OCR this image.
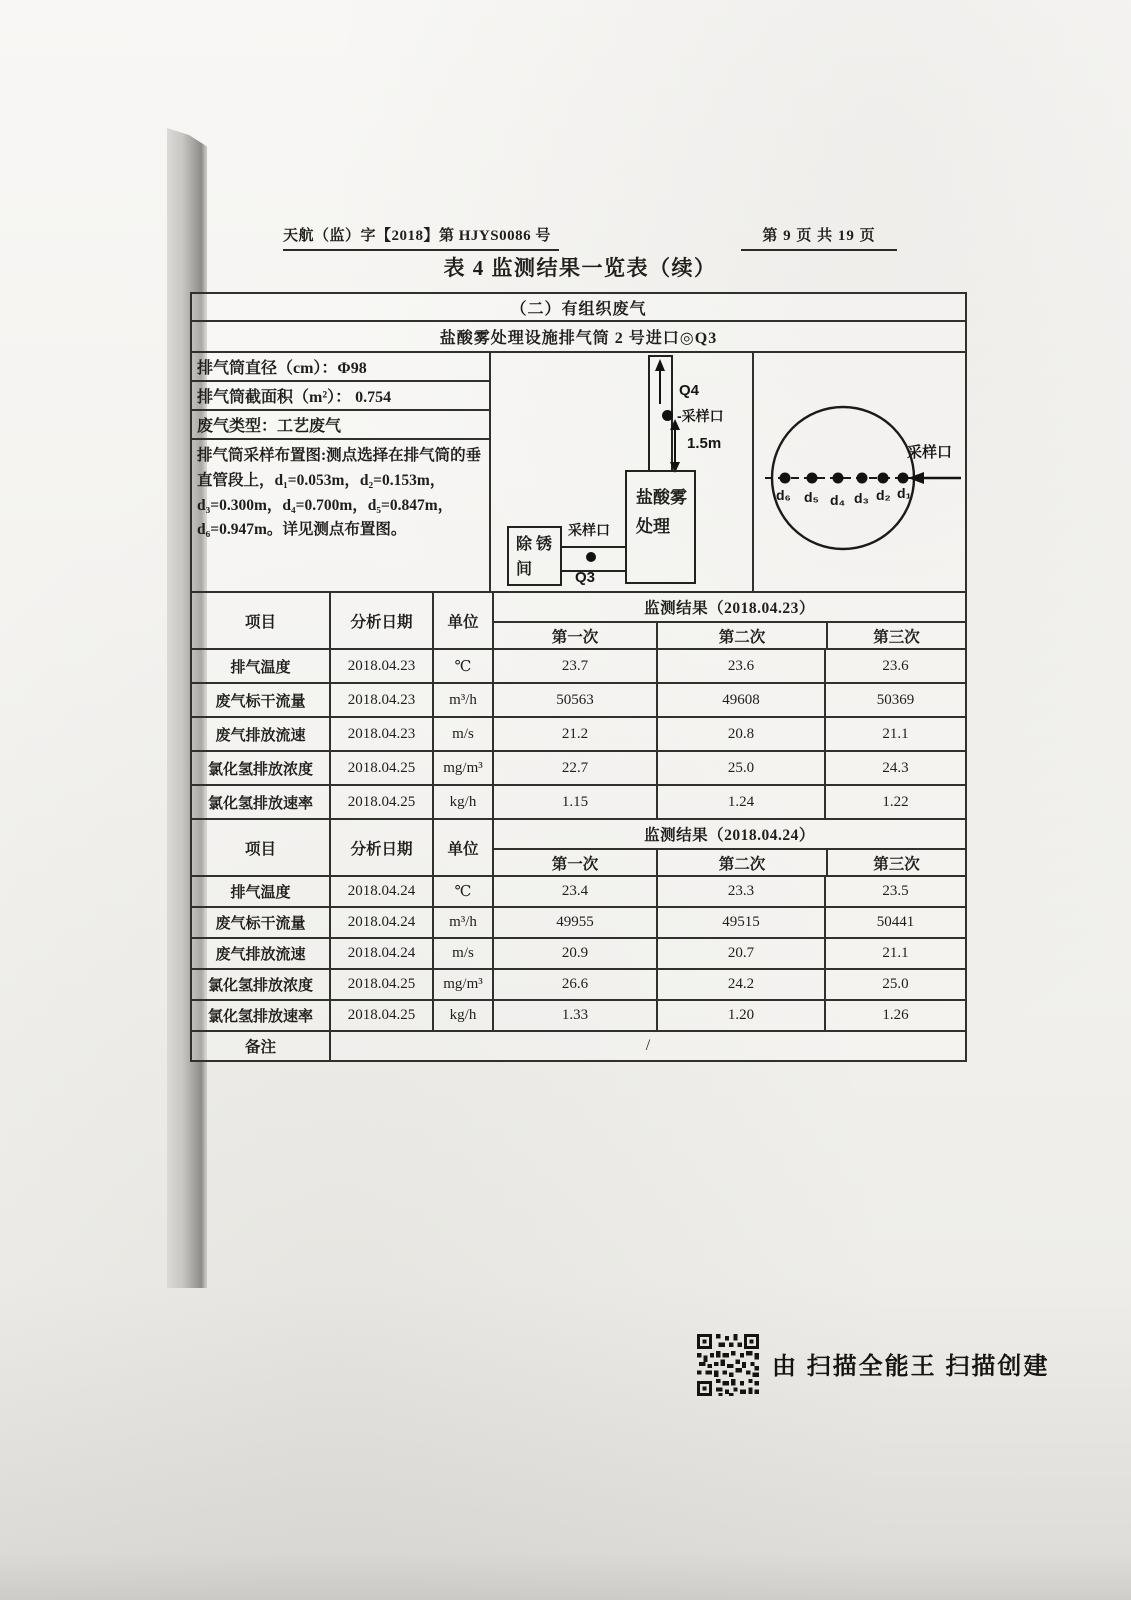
天航（监）字【2018】第 HJYS0086 号	第 9 页 共 19 页
表 4 监测结果一览表（续）
（二）有组织废气
盐酸雾处理设施排气筒 2 号进口◎Q3
排气筒直径（cm）：Φ98
排气筒截面积（m²）： 0.754
废气类型：工艺废气
排气筒采样布置图:测点选择在排气筒的垂直管段上，d₁=0.053m，d₂=0.153m，d₃=0.300m，d₄=0.700m，d₅=0.847m，d₆=0.947m。详见测点布置图。
Q4
-采样口
1.5m
盐酸雾
处理
除 锈
间
采样口
Q3
d₆ d₅ d₄ d₃ d₂ d₁
采样口
项目	分析日期	单位
监测结果（2018.04.23）
第一次	第二次	第三次
排气温度	2018.04.23	℃	23.7	23.6	23.6
废气标干流量	2018.04.23	m³/h	50563	49608	50369
废气排放流速	2018.04.23	m/s	21.2	20.8	21.1
氯化氢排放浓度	2018.04.25	mg/m³	22.7	25.0	24.3
氯化氢排放速率	2018.04.25	kg/h	1.15	1.24	1.22
项目	分析日期	单位
监测结果（2018.04.24）
第一次	第二次	第三次
排气温度	2018.04.24	℃	23.4	23.3	23.5
废气标干流量	2018.04.24	m³/h	49955	49515	50441
废气排放流速	2018.04.24	m/s	20.9	20.7	21.1
氯化氢排放浓度	2018.04.25	mg/m³	26.6	24.2	25.0
氯化氢排放速率	2018.04.25	kg/h	1.33	1.20	1.26
备注	/
由 扫描全能王 扫描创建
